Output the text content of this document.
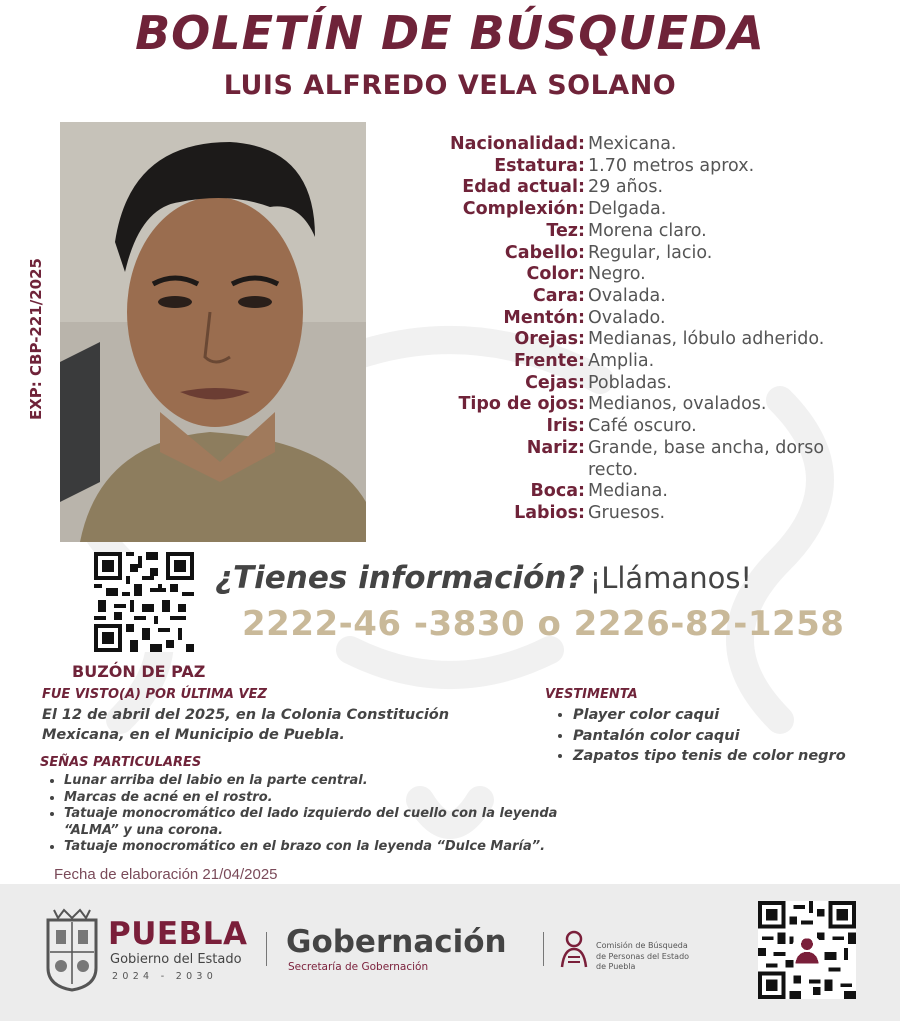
BOLETÍN DE BÚSQUEDA
LUIS ALFREDO VELA SOLANO
EXP: CBP-221/2025
Nacionalidad: Mexicana.
Estatura: 1.70 metros aprox.
Edad actual: 29 años.
Complexión: Delgada.
Tez: Morena claro.
Cabello: Regular, lacio.
Color: Negro.
Cara: Ovalada.
Mentón: Ovalado.
Orejas: Medianas, lóbulo adherido.
Frente: Amplia.
Cejas: Pobladas.
Tipo de ojos: Medianos, ovalados.
Iris: Café oscuro.
Nariz: Grande, base ancha, dorso recto.
Boca: Mediana.
Labios: Gruesos.
BUZÓN DE PAZ
¿Tienes información? ¡Llámanos!
2222-46 -3830 o 2226-82-1258
FUE VISTO(A) POR ÚLTIMA VEZ
El 12 de abril del 2025, en la Colonia Constitución Mexicana, en el Municipio de Puebla.
VESTIMENTA
• Player color caqui
• Pantalón color caqui
• Zapatos tipo tenis de color negro
SEÑAS PARTICULARES
• Lunar arriba del labio en la parte central.
• Marcas de acné en el rostro.
• Tatuaje monocromático del lado izquierdo del cuello con la leyenda “ALMA” y una corona.
• Tatuaje monocromático en el brazo con la leyenda “Dulce María”.
Fecha de elaboración 21/04/2025
PUEBLA
Gobierno del Estado
2024 - 2030
Gobernación
Secretaría de Gobernación
Comisión de Búsqueda
de Personas del Estado
de Puebla
